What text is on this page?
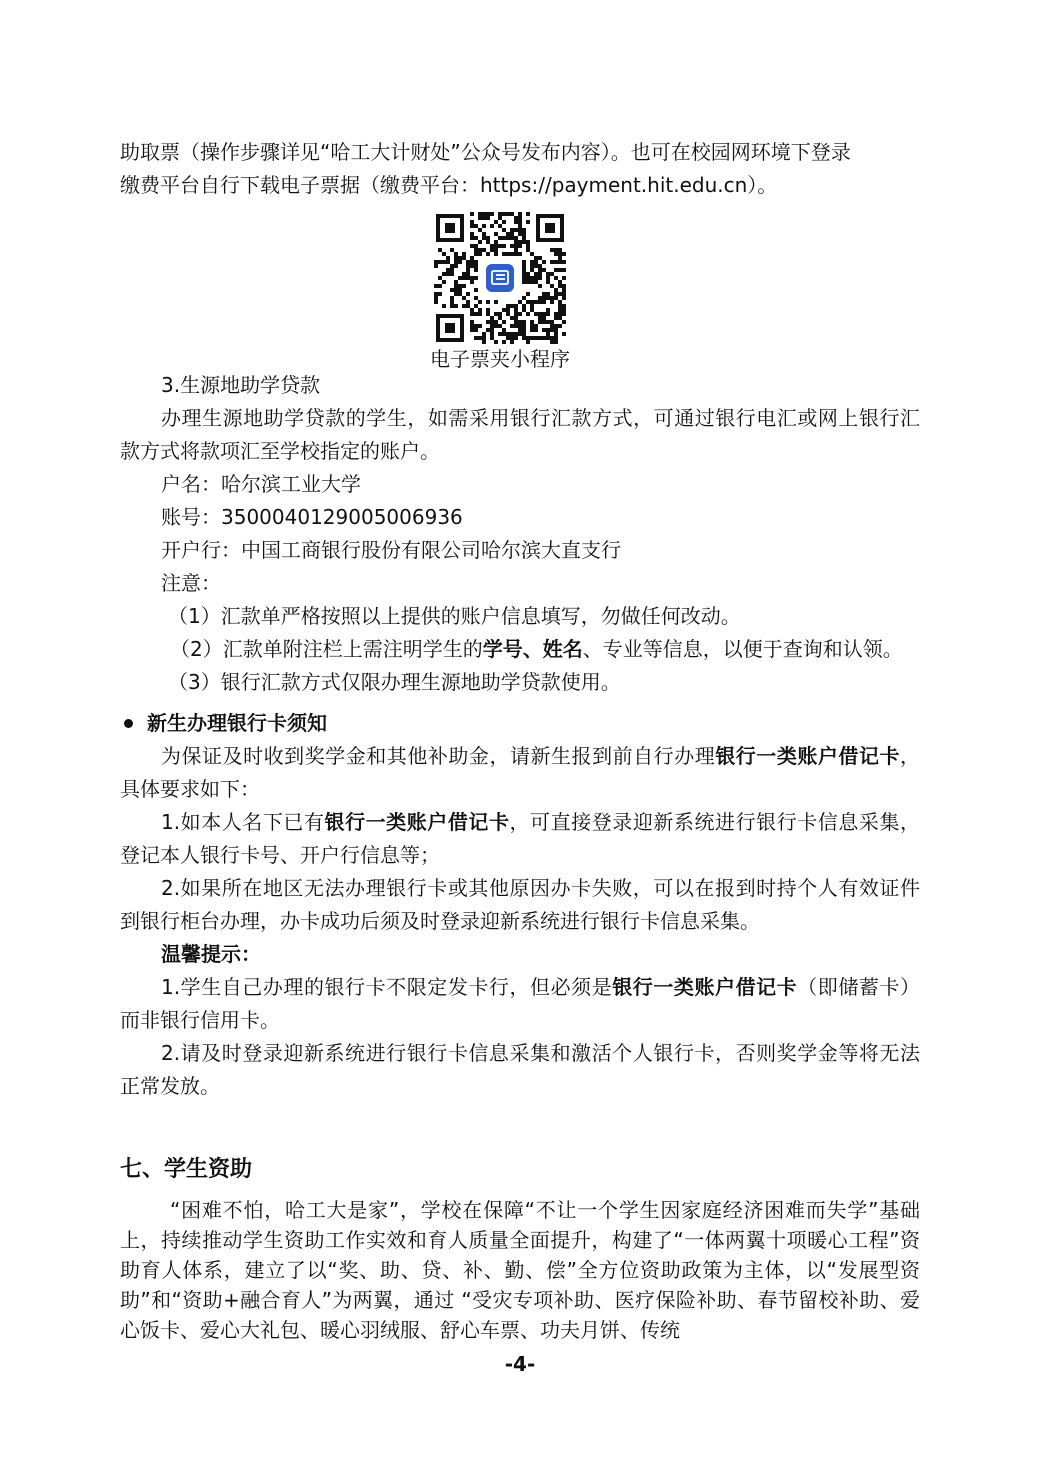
助取票（操作步骤详见“哈工大计财处”公众号发布内容）。也可在校园网环境下登录

缴费平台自行下载电子票据（缴费平台：https://payment.hit.edu.cn）。

电子票夹小程序

3.生源地助学贷款

办理生源地助学贷款的学生，如需采用银行汇款方式，可通过银行电汇或网上银行汇款方式将款项汇至学校指定的账户。

户名：哈尔滨工业大学

账号：3500040129005006936

开户行：中国工商银行股份有限公司哈尔滨大直支行

注意：

（1）汇款单严格按照以上提供的账户信息填写，勿做任何改动。

（2）汇款单附注栏上需注明学生的学号、姓名、专业等信息，以便于查询和认领。

（3）银行汇款方式仅限办理生源地助学贷款使用。

新生办理银行卡须知

为保证及时收到奖学金和其他补助金，请新生报到前自行办理银行一类账户借记卡，具体要求如下：

1.如本人名下已有银行一类账户借记卡，可直接登录迎新系统进行银行卡信息采集，登记本人银行卡号、开户行信息等；

2.如果所在地区无法办理银行卡或其他原因办卡失败，可以在报到时持个人有效证件到银行柜台办理，办卡成功后须及时登录迎新系统进行银行卡信息采集。

温馨提示：

1.学生自己办理的银行卡不限定发卡行，但必须是银行一类账户借记卡（即储蓄卡）而非银行信用卡。

2.请及时登录迎新系统进行银行卡信息采集和激活个人银行卡，否则奖学金等将无法正常发放。

七、学生资助

“困难不怕，哈工大是家”，学校在保障“不让一个学生因家庭经济困难而失学”基础上，持续推动学生资助工作实效和育人质量全面提升，构建了“一体两翼十项暖心工程”资助育人体系，建立了以“奖、助、贷、补、勤、偿”全方位资助政策为主体，以“发展型资助”和“资助+融合育人”为两翼，通过 “受灾专项补助、医疗保险补助、春节留校补助、爱心饭卡、爱心大礼包、暖心羽绒服、舒心车票、功夫月饼、传统

-4-
